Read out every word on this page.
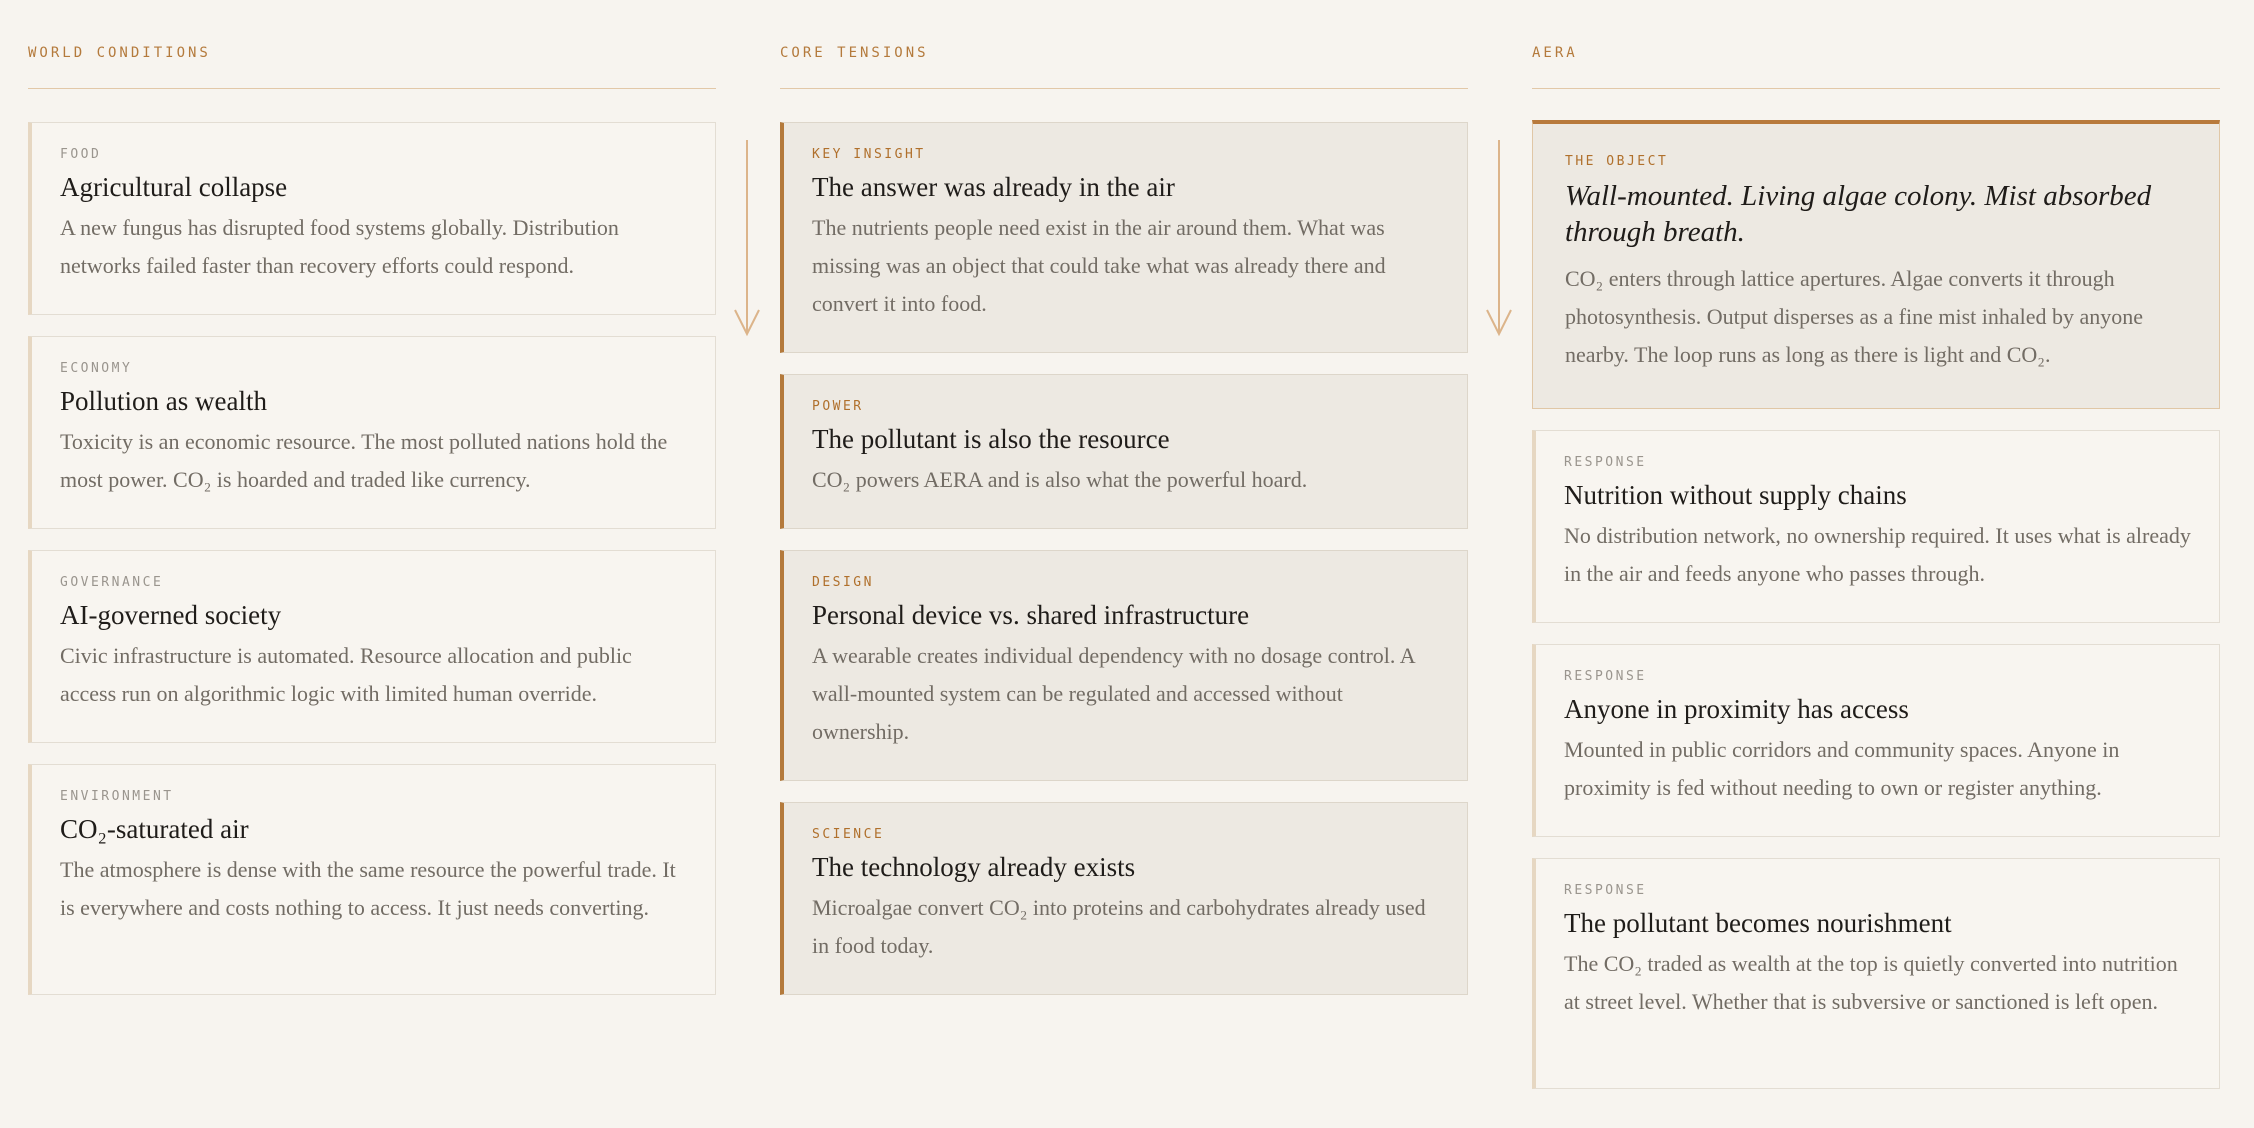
WORLD CONDITIONS
FOOD
Agricultural collapse
A new fungus has disrupted food systems globally. Distribution networks failed faster than recovery efforts could respond.
ECONOMY
Pollution as wealth
Toxicity is an economic resource. The most polluted nations hold the most power. CO₂ is hoarded and traded like currency.
GOVERNANCE
AI-governed society
Civic infrastructure is automated. Resource allocation and public access run on algorithmic logic with limited human override.
ENVIRONMENT
CO₂-saturated air
The atmosphere is dense with the same resource the powerful trade. It is everywhere and costs nothing to access. It just needs converting.
CORE TENSIONS
KEY INSIGHT
The answer was already in the air
The nutrients people need exist in the air around them. What was missing was an object that could take what was already there and convert it into food.
POWER
The pollutant is also the resource
CO₂ powers AERA and is also what the powerful hoard.
DESIGN
Personal device vs. shared infrastructure
A wearable creates individual dependency with no dosage control. A wall-mounted system can be regulated and accessed without ownership.
SCIENCE
The technology already exists
Microalgae convert CO₂ into proteins and carbohydrates already used in food today.
AERA
THE OBJECT
Wall-mounted. Living algae colony. Mist absorbed through breath.
CO₂ enters through lattice apertures. Algae converts it through photosynthesis. Output disperses as a fine mist inhaled by anyone nearby. The loop runs as long as there is light and CO₂.
RESPONSE
Nutrition without supply chains
No distribution network, no ownership required. It uses what is already in the air and feeds anyone who passes through.
RESPONSE
Anyone in proximity has access
Mounted in public corridors and community spaces. Anyone in proximity is fed without needing to own or register anything.
RESPONSE
The pollutant becomes nourishment
The CO₂ traded as wealth at the top is quietly converted into nutrition at street level. Whether that is subversive or sanctioned is left open.
